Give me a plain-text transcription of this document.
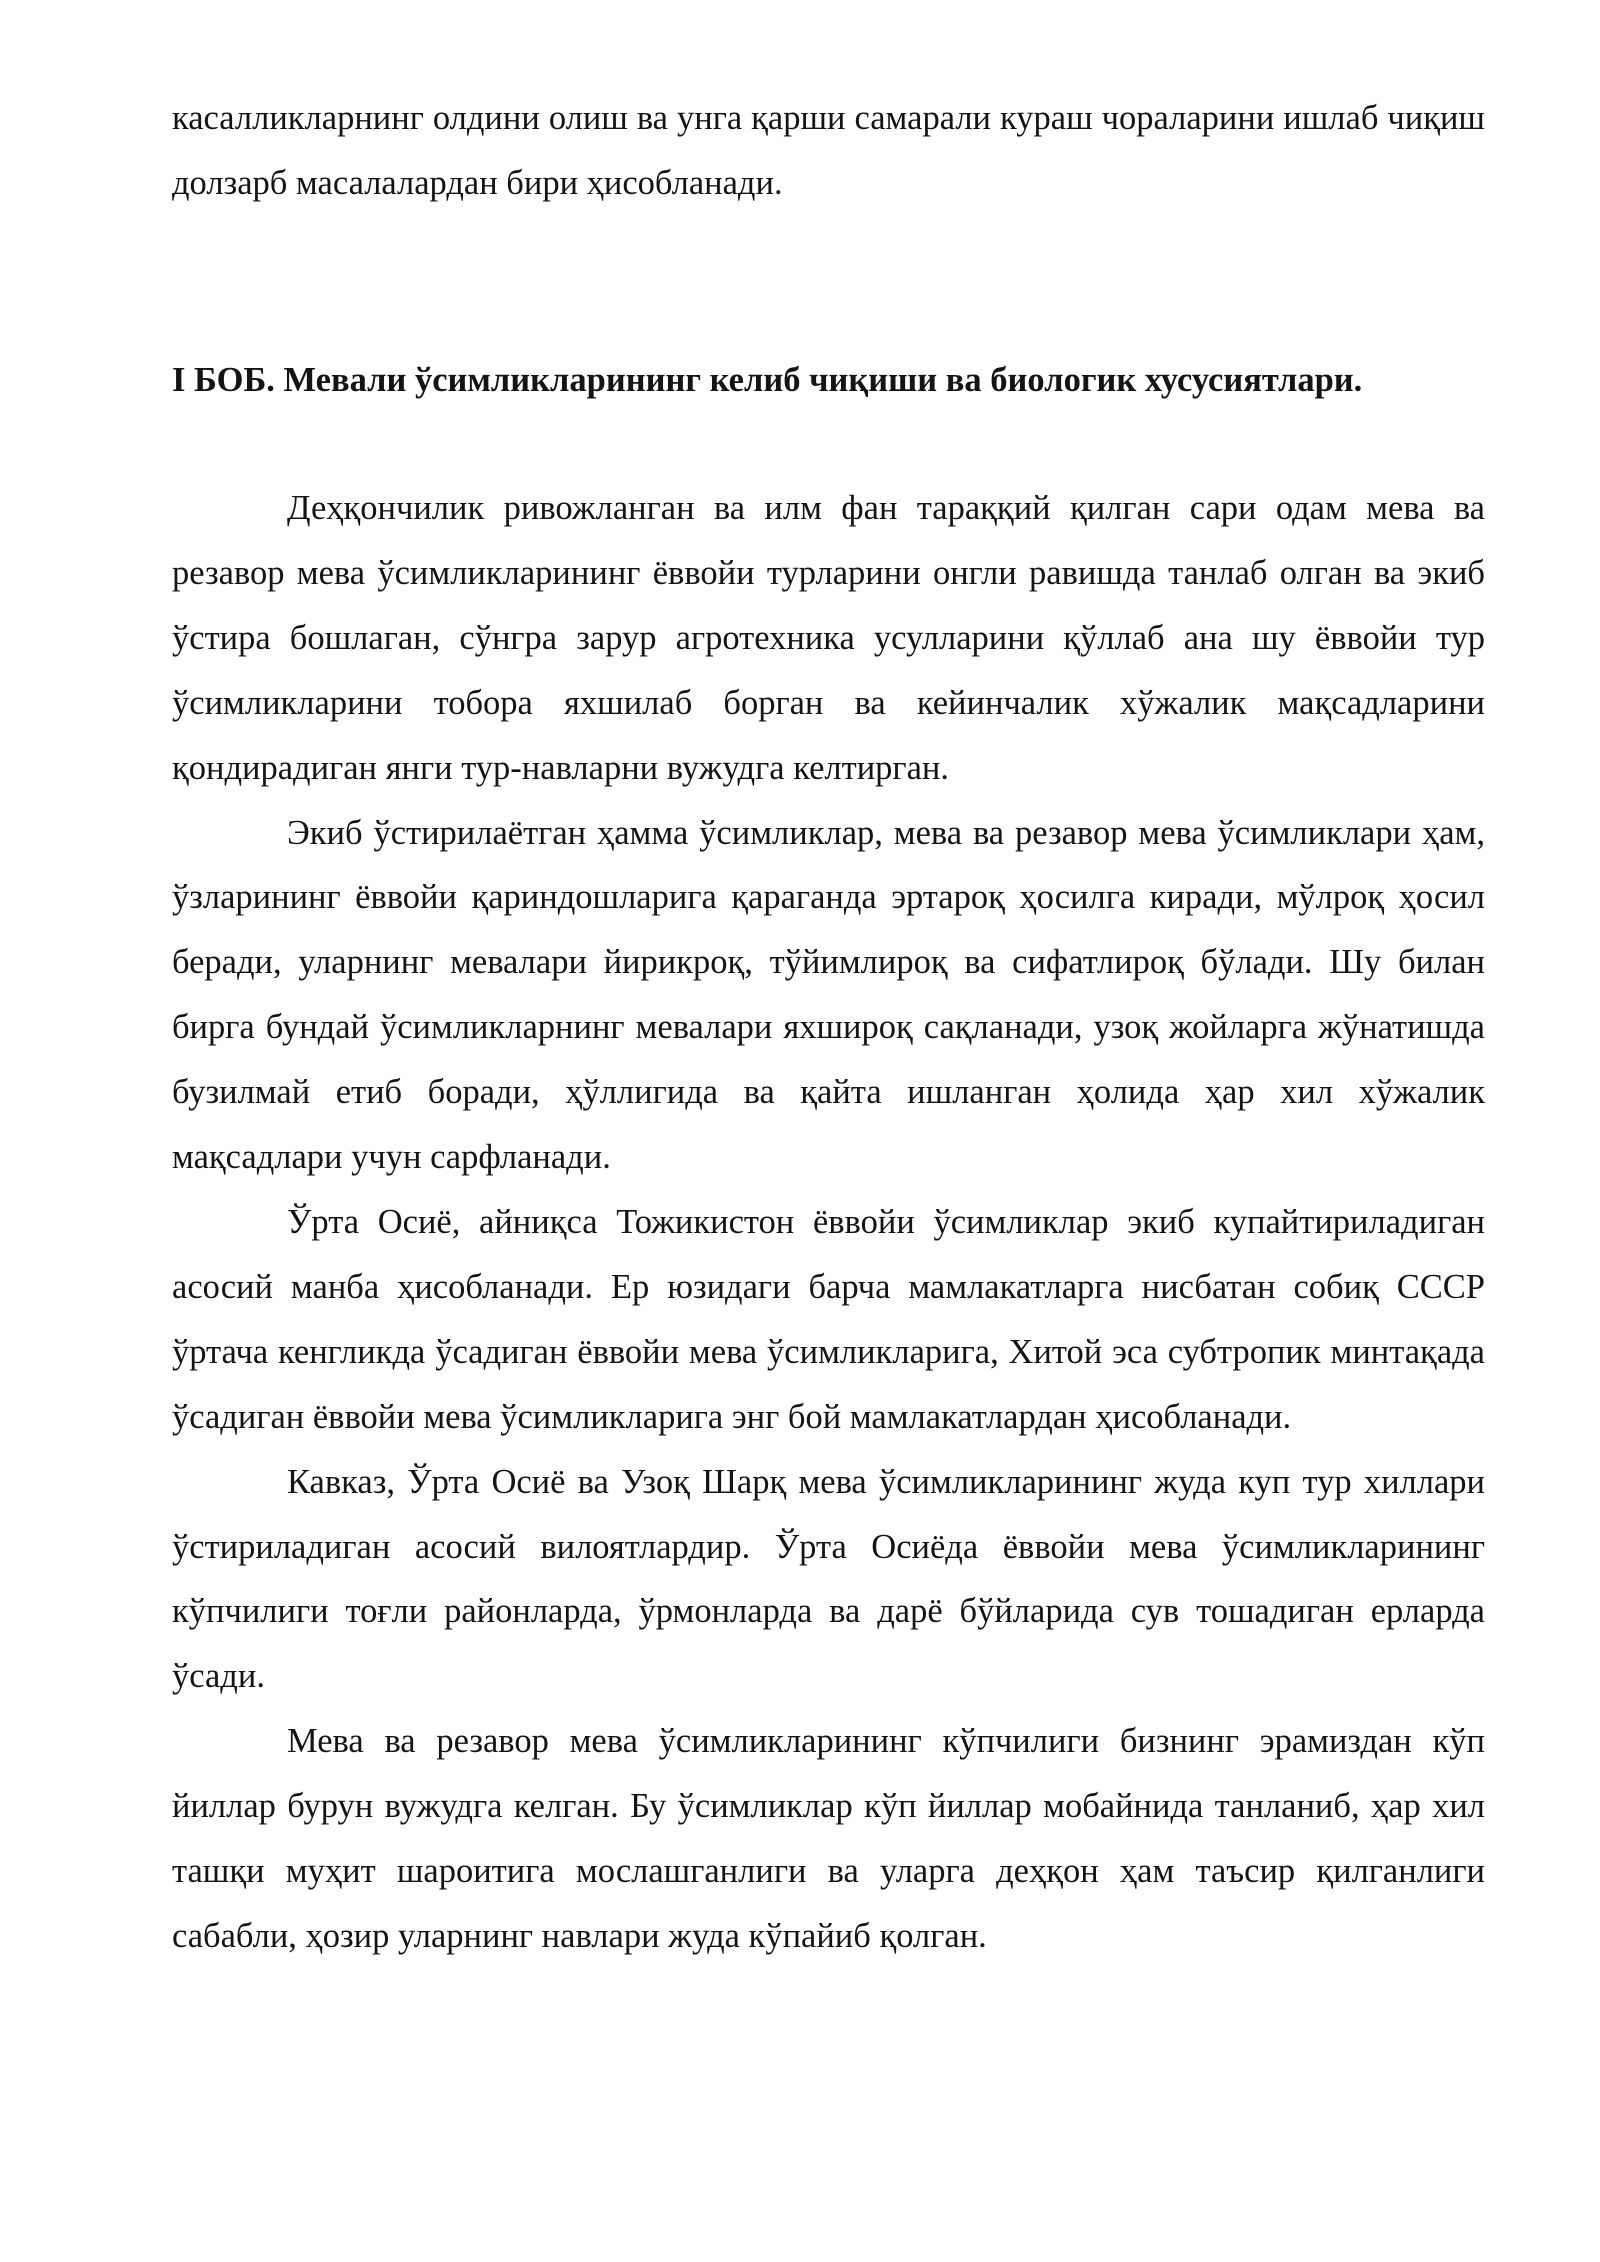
касалликларнинг олдини олиш ва унга қарши самарали кураш чораларини ишлаб чиқиш долзарб масалалардан бири ҳисобланади.

I БОБ. Мевали ўсимликларининг келиб чиқиши ва биологик хусусиятлари.

Деҳқончилик ривожланган ва илм фан тараққий қилган сари одам мева ва резавор мева ўсимликларининг ёввойи турларини онгли равишда танлаб олган ва экиб ўстира бошлаган, сўнгра зарур агротехника усулларини қўллаб ана шу ёввойи тур ўсимликларини тобора яхшилаб борган ва кейинчалик хўжалик мақсадларини қондирадиган янги тур-навларни вужудга келтирган.

Экиб ўстирилаётган ҳамма ўсимликлар, мева ва резавор мева ўсимликлари ҳам, ўзларининг ёввойи қариндошларига қараганда эртароқ ҳосилга киради, мўлроқ ҳосил беради, уларнинг мевалари йирикроқ, тўйимлироқ ва сифатлироқ бўлади. Шу билан бирга бундай ўсимликларнинг мевалари яхшироқ сақланади, узоқ жойларга жўнатишда бузилмай етиб боради, ҳўллигида ва қайта ишланган ҳолида ҳар хил хўжалик мақсадлари учун сарфланади.

Ўрта Осиё, айниқса Тожикистон ёввойи ўсимликлар экиб купайтириладиган асосий манба ҳисобланади. Ер юзидаги барча мамлакатларга нисбатан собиқ СССР ўртача кенгликда ўсадиган ёввойи мева ўсимликларига, Хитой эса субтропик минтақада ўсадиган ёввойи мева ўсимликларига энг бой мамлакатлардан ҳисобланади.

Кавказ, Ўрта Осиё ва Узоқ Шарқ мева ўсимликларининг жуда куп тур хиллари ўстириладиган асосий вилоятлардир. Ўрта Осиёда ёввойи мева ўсимликларининг кўпчилиги тоғли районларда, ўрмонларда ва дарё бўйларида сув тошадиган ерларда ўсади.

Мева ва резавор мева ўсимликларининг кўпчилиги бизнинг эрамиздан кўп йиллар бурун вужудга келган. Бу ўсимликлар кўп йиллар мобайнида танланиб, ҳар хил ташқи муҳит шароитига мослашганлиги ва уларга деҳқон ҳам таъсир қилганлиги сабабли, ҳозир уларнинг навлари жуда кўпайиб қолган.
